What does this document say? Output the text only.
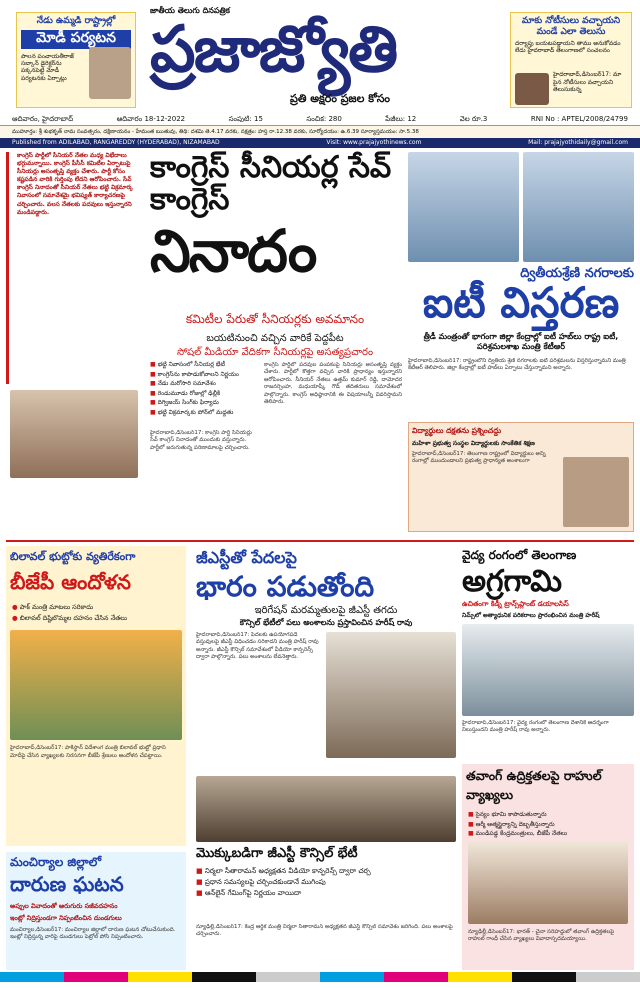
నేడు ఉమ్మడి రాష్ట్రాల్లో
మోడీ పర్యటన
పాలన పంచాయతీరాజ్ సబ్కాన్ డైరెక్టర్‌ను పక్కనపెట్టి మోడీ పర్యటనకు ఏర్పాట్లు
జాతీయ తెలుగు దినపత్రిక
ప్రజాజ్యోతి
ప్రతి అక్షరం ప్రజల కోసం
మాకు నోటీసులు వచ్చాయని మండే ఎలా తెలుసు
దర్యాప్తు బయటపడ్డాయని తాము అనుకోవడం లేదు హైదరాబాద్ తెలంగాణలో సంచలనం
హైదరాబాద్,డిసెంబర్17: మా పైన నోటీసులు వచ్చాయని తెలుసుకున్న
ఆదివారం, హైదరాబాద్	ఆదివారం 18-12-2022	సంపుటి: 15	సంచిక: 280	పేజీలు: 12	వెల రూ.3	RNI No : APTEL/2008/24799
ముహూర్తం: శ్రీ శుభకృత్ నామ సంవత్సరం, దక్షిణాయనం - హేమంత ఋతువు, తిథి: దశమి తె.4.17 వరకు, నక్షత్రం: హస్త రా.12.38 వరకు, సూర్యోదయం: ఉ.6.39 సూర్యాస్తమయం: సా.5.38
Published from ADILABAD, RANGAREDDY (HYDERABAD), NIZAMABAD	Visit: www.prajajyothinews.com	Mail: prajajyothidaily@gmail.com
కాంగ్రెస్ పార్టీలో సీనియర్ నేతల మధ్య విభేదాలు భగ్గుమన్నాయి. కాంగ్రెస్ పీసీసీ కమిటీల ఏర్పాటుపై సీనియర్లు అసంతృప్తి వ్యక్తం చేశారు. పార్టీ కోసం కష్టపడిన వారికి గుర్తింపు లేదని ఆరోపించారు. సేవ్ కాంగ్రెస్ నినాదంతో సీనియర్ నేతలు భట్టి విక్రమార్క నివాసంలో సమావేశమై భవిష్యత్ కార్యాచరణపై చర్చించారు. వలస నేతలకు పదవులు ఇస్తున్నారని మండిపడ్డారు.
కాంగ్రెస్ సీనియర్ల సేవ్ కాంగ్రెస్
నినాదం
కమిటీల పేరుతో సీనియర్లకు అవమానం
బయటినుంచి వచ్చిన వారికే పెద్దపీట
సోషల్ మీడియా వేదికగా సీనియర్లపై అసత్యప్రచారం
■ భట్టి నివాసంలో సీనియర్ల భేటీ
■ కాంగ్రెస్‌ను కాపాడుకోవాలని నిర్ణయం
■ నేడు మరోసారి సమావేశం
■ రెండుమూడు రోజుల్లో ఢిల్లీకి
■ దిగ్విజయ్ సింగ్‌కు ఫిర్యాదు
■ భట్టి విక్రమార్కకు పోన్‌లో మద్దతు
కాంగ్రెస్ పార్టీలో పదవుల పంపకంపై సీనియర్లు అసంతృప్తి వ్యక్తం చేశారు. పార్టీలో కొత్తగా వచ్చిన వారికి ప్రాధాన్యం ఇస్తున్నారని ఆరోపించారు. సీనియర్ నేతలు ఉత్తమ్ కుమార్ రెడ్డి, దామోదర రాజనర్సింహ, మధుయాష్కీ గౌడ్ తదితరులు సమావేశంలో పాల్గొన్నారు. కాంగ్రెస్ అధిష్ఠానానికి ఈ విషయాలన్నీ వివరిస్తామని తెలిపారు.
హైదరాబాద్,డిసెంబర్17: కాంగ్రెస్ పార్టీ సీనియర్లు సేవ్ కాంగ్రెస్ నినాదంతో ముందుకు వస్తున్నారు. పార్టీలో జరుగుతున్న పరిణామాలపై చర్చించారు.
ద్వితీయశ్రేణి నగరాలకు
ఐటీ విస్తరణ
త్రీడీ మంత్రంతో భాగంగా జిల్లా కేంద్రాల్లో ఐటీ హబ్‌లు రాష్ట్ర ఐటీ, పరిశ్రమలశాఖ మంత్రి కేటీఆర్
హైదరాబాద్,డిసెంబర్17: రాష్ట్రంలోని ద్వితీయ శ్రేణి నగరాలకు ఐటీ పరిశ్రమలను విస్తరిస్తున్నామని మంత్రి కేటీఆర్ తెలిపారు. జిల్లా కేంద్రాల్లో ఐటీ హబ్‌లు ఏర్పాటు చేస్తున్నామని అన్నారు.
విద్యార్థులు దక్షతను ప్రశ్నించద్దు
మహిళా ప్రభుత్వ సంస్థల విద్యార్థులకు సాంకేతిక శిక్షణ
హైదరాబాద్,డిసెంబర్17: తెలంగాణ రాష్ట్రంలో విద్యార్థులు అన్ని రంగాల్లో ముందుండాలని ప్రభుత్వ ప్రాధాన్యత అంశాలుగా
బిలావల్ భుట్టోకు వ్యతిరేకంగా
బీజేపీ ఆందోళన
● పాక్ మంత్రి మాటలు సరికాదు
● బిలావల్ దిష్టిబొమ్మల దహనం చేసిన నేతలు
హైదరాబాద్,డిసెంబర్17: పాకిస్థాన్ విదేశాంగ మంత్రి బిలావల్ భుట్టో ప్రధాని మోదీపై చేసిన వ్యాఖ్యలకు నిరసనగా బీజేపీ శ్రేణులు ఆందోళన చేపట్టాయి.
జీఎస్టీతో పేదలపై
భారం పడుతోంది
ఇరిగేషన్ మరమ్మతులపై జీఎస్టీ తగదు
కౌన్సిల్ భేటీలో పలు అంశాలను ప్రస్తావించిన హరీష్ రావు
హైదరాబాద్,డిసెంబర్17: పేదలకు ఉపయోగపడే వస్తువులపై జీఎస్టీ విధించడం సరికాదని మంత్రి హరీష్ రావు అన్నారు. జీఎస్టీ కౌన్సిల్ సమావేశంలో వీడియో కాన్ఫరెన్స్ ద్వారా పాల్గొన్నారు. పలు అంశాలను లేవనెత్తారు.
మొక్కుబడిగా జీఎస్టీ కౌన్సిల్ భేటీ
■ నిర్మలా సీతారామన్ అధ్యక్షతన వీడియో కాన్ఫరెన్స్ ద్వారా చర్చ
■ ప్రధాన సమస్యలపై చర్చించకుండానే ముగింపు
■ ఆన్‌లైన్ గేమింగ్‌పై నిర్ణయం వాయిదా
న్యూఢిల్లీ,డిసెంబర్17: కేంద్ర ఆర్థిక మంత్రి నిర్మలా సీతారామన్ అధ్యక్షతన జీఎస్టీ కౌన్సిల్ సమావేశం జరిగింది. పలు అంశాలపై చర్చించారు.
వైద్య రంగంలో తెలంగాణ
అగ్రగామి
ఉచితంగా కిడ్నీ ట్రాన్స్‌ప్లాంట్ డయాలసిస్
నిమ్స్‌లో అత్యాధునిక పరికరాలు ప్రారంభించిన మంత్రి హరీష్
హైదరాబాద్,డిసెంబర్17: వైద్య రంగంలో తెలంగాణ దేశానికే ఆదర్శంగా నిలుస్తుందని మంత్రి హరీష్ రావు అన్నారు.
తవాంగ్ ఉద్రిక్తతలపై రాహుల్ వ్యాఖ్యలు
■ సైన్యం భూమి కాపాడుతున్నారు
■ ఆర్మీ ఆత్మస్థైర్యాన్ని దెబ్బతీస్తున్నారు
■ మండిపడ్డ కేంద్రమంత్రులు, బీజేపీ నేతలు
న్యూఢిల్లీ,డిసెంబర్17: భారత్ - చైనా సరిహద్దులో తవాంగ్ ఉద్రిక్తతలపై రాహుల్ గాంధీ చేసిన వ్యాఖ్యలు వివాదాస్పదమయ్యాయి.
మంచిర్యాల జిల్లాలో
దారుణ ఘటన
అప్పుల వివాదంతో ఆరుగురు సజీవదహనం
ఇంట్లో నిద్రిస్తుండగా నిప్పంటించిన దుండగులు
మంచిర్యాల,డిసెంబర్17: మంచిర్యాల జిల్లాలో దారుణ ఘటన చోటుచేసుకుంది. ఇంట్లో నిద్రిస్తున్న వారిపై దుండగులు పెట్రోల్ పోసి నిప్పంటించారు.
